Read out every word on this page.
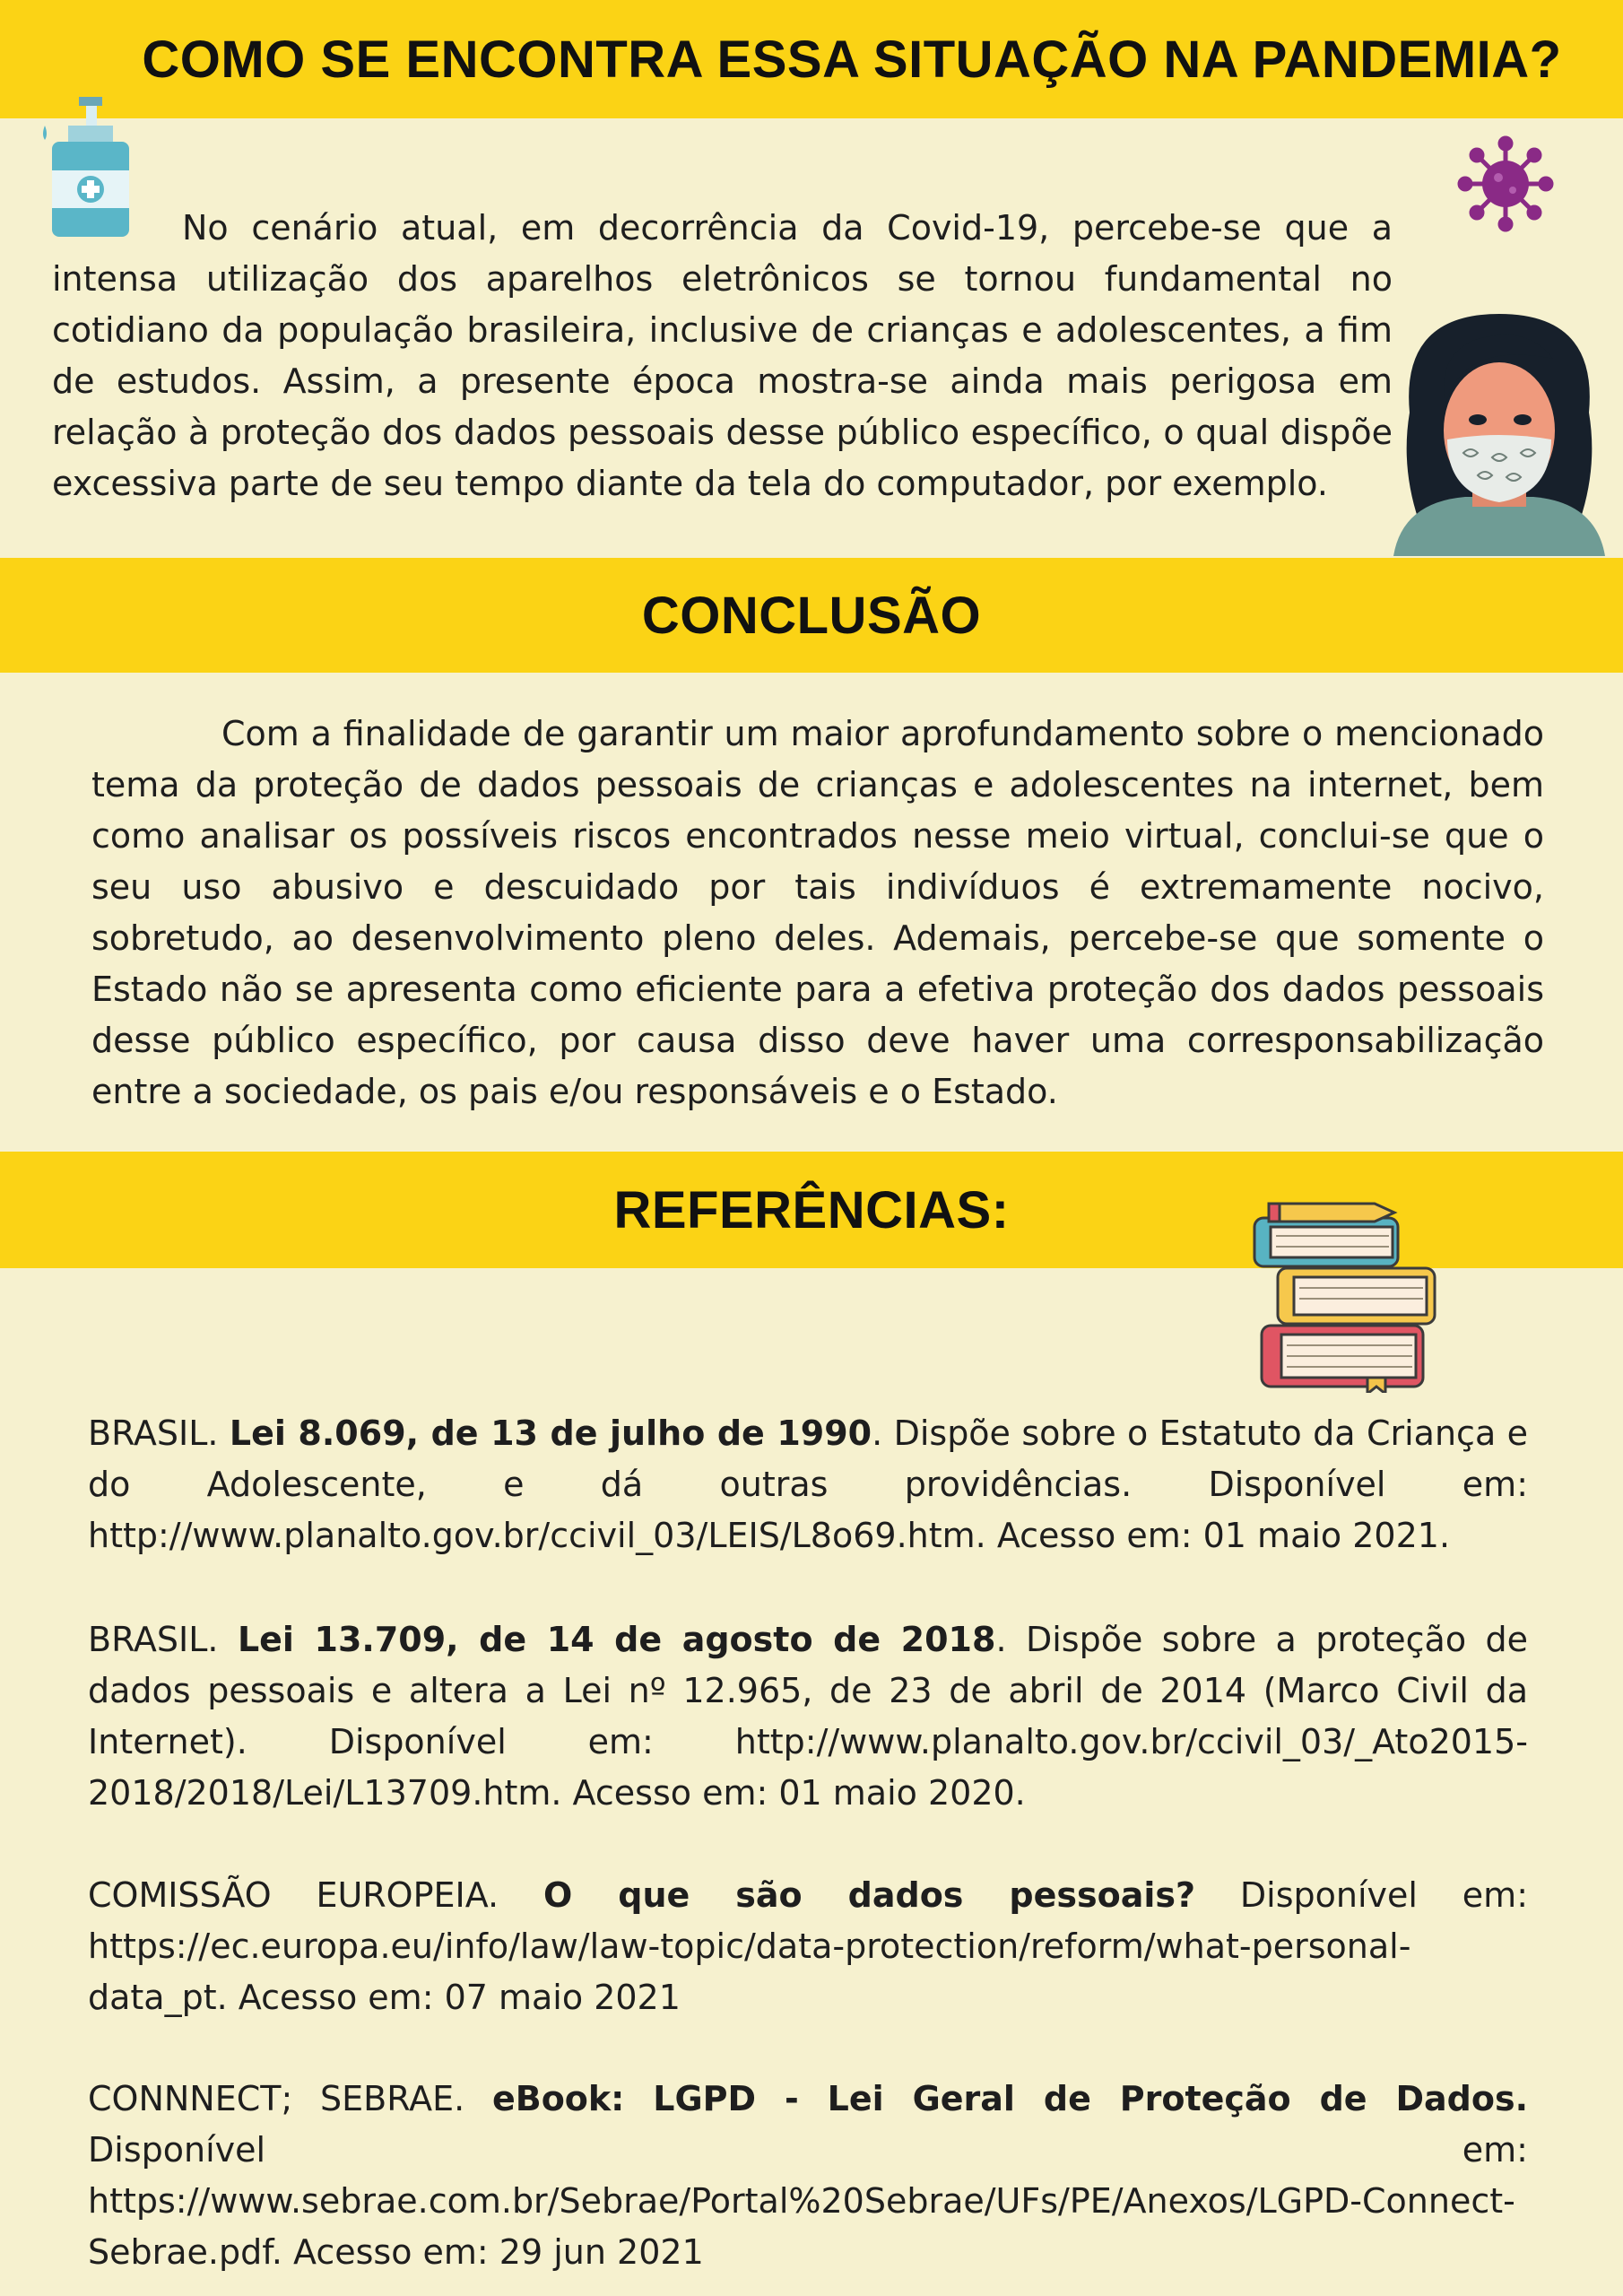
COMO SE ENCONTRA ESSA SITUAÇÃO NA PANDEMIA?

No cenário atual, em decorrência da Covid-19, percebe-se que a intensa utilização dos aparelhos eletrônicos se tornou fundamental no cotidiano da população brasileira, inclusive de crianças e adolescentes, a fim de estudos. Assim, a presente época mostra-se ainda mais perigosa em relação à proteção dos dados pessoais desse público específico, o qual dispõe excessiva parte de seu tempo diante da tela do computador, por exemplo.

CONCLUSÃO

Com a finalidade de garantir um maior aprofundamento sobre o mencionado tema da proteção de dados pessoais de crianças e adolescentes na internet, bem como analisar os possíveis riscos encontrados nesse meio virtual, conclui-se que o seu uso abusivo e descuidado por tais indivíduos é extremamente nocivo, sobretudo, ao desenvolvimento pleno deles. Ademais, percebe-se que somente o Estado não se apresenta como eficiente para a efetiva proteção dos dados pessoais desse público específico, por causa disso deve haver uma corresponsabilização entre a sociedade, os pais e/ou responsáveis e o Estado.

REFERÊNCIAS:

BRASIL. Lei 8.069, de 13 de julho de 1990. Dispõe sobre o Estatuto da Criança e do Adolescente, e dá outras providências. Disponível em: http://www.planalto.gov.br/ccivil_03/LEIS/L8o69.htm. Acesso em: 01 maio 2021.

BRASIL. Lei 13.709, de 14 de agosto de 2018. Dispõe sobre a proteção de dados pessoais e altera a Lei nº 12.965, de 23 de abril de 2014 (Marco Civil da Internet). Disponível em: http://www.planalto.gov.br/ccivil_03/_Ato2015-2018/2018/Lei/L13709.htm. Acesso em: 01 maio 2020.

COMISSÃO EUROPEIA. O que são dados pessoais? Disponível em: https://ec.europa.eu/info/law/law-topic/data-protection/reform/what-personal-data_pt. Acesso em: 07 maio 2021

CONNNECT; SEBRAE. eBook: LGPD - Lei Geral de Proteção de Dados. Disponível em: https://www.sebrae.com.br/Sebrae/Portal%20Sebrae/UFs/PE/Anexos/LGPD-Connect-Sebrae.pdf. Acesso em: 29 jun 2021
